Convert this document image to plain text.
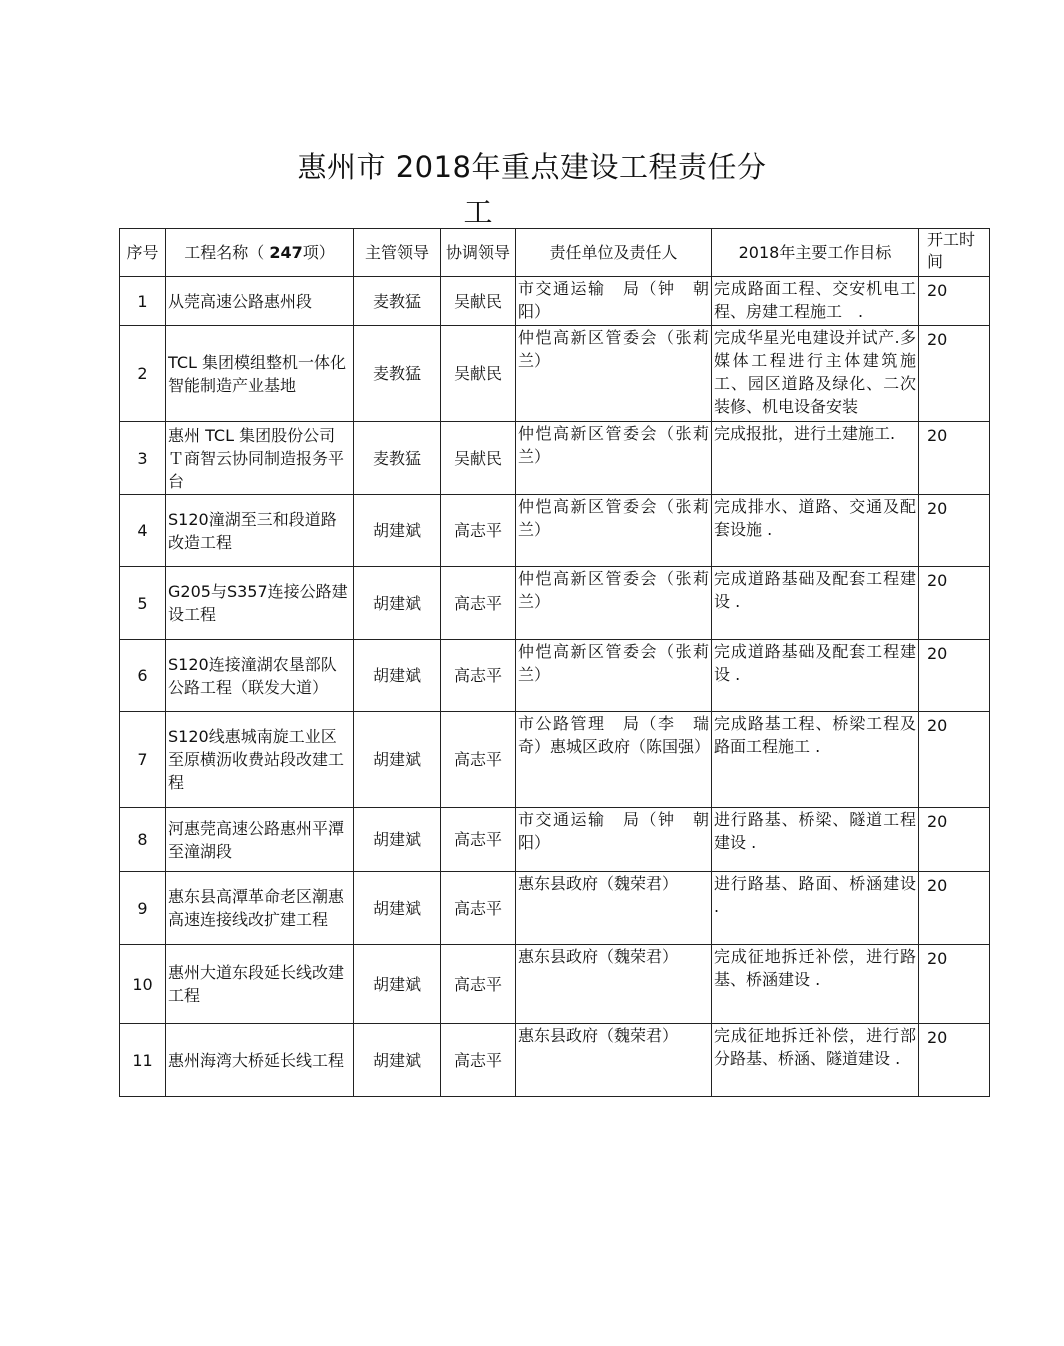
惠州市 2018年重点建设工程责任分
工
序号	工程名称（ 247项）	主管领导	协调领导	责任单位及责任人	2018年主要工作目标	开工时间
1	从莞高速公路惠州段	麦教猛	吴献民	市交通运输　局（钟　朝阳）	完成路面工程、交安机电工程、房建工程施工　.	20
2	TCL 集团模组整机一体化智能制造产业基地	麦教猛	吴献民	仲恺高新区管委会（张莉兰）	完成华星光电建设并试产.多媒体工程进行主体建筑施工、园区道路及绿化、二次装修、机电设备安装	20
3	惠州 TCL 集团股份公司Ｔ商智云协同制造报务平台	麦教猛	吴献民	仲恺高新区管委会（张莉兰）	完成报批，进行土建施工.	20
4	S120潼湖至三和段道路改造工程	胡建斌	高志平	仲恺高新区管委会（张莉兰）	完成排水、道路、交通及配套设施 .	20
5	G205与S357连接公路建设工程	胡建斌	高志平	仲恺高新区管委会（张莉兰）	完成道路基础及配套工程建设 .	20
6	S120连接潼湖农垦部队公路工程（联发大道）	胡建斌	高志平	仲恺高新区管委会（张莉兰）	完成道路基础及配套工程建设 .	20
7	S120线惠城南旋工业区至原横沥收费站段改建工程	胡建斌	高志平	市公路管理　局（李　瑞奇）惠城区政府（陈国强）	完成路基工程、桥梁工程及路面工程施工 .	20
8	河惠莞高速公路惠州平潭至潼湖段	胡建斌	高志平	市交通运输　局（钟　朝阳）	进行路基、桥梁、隧道工程建设 .	20
9	惠东县高潭革命老区潮惠高速连接线改扩建工程	胡建斌	高志平	惠东县政府（魏荣君）	进行路基、路面、桥涵建设 .	20
10	惠州大道东段延长线改建工程	胡建斌	高志平	惠东县政府（魏荣君）	完成征地拆迁补偿，进行路基、桥涵建设 .	20
11	惠州海湾大桥延长线工程	胡建斌	高志平	惠东县政府（魏荣君）	完成征地拆迁补偿，进行部分路基、桥涵、隧道建设 .	20
